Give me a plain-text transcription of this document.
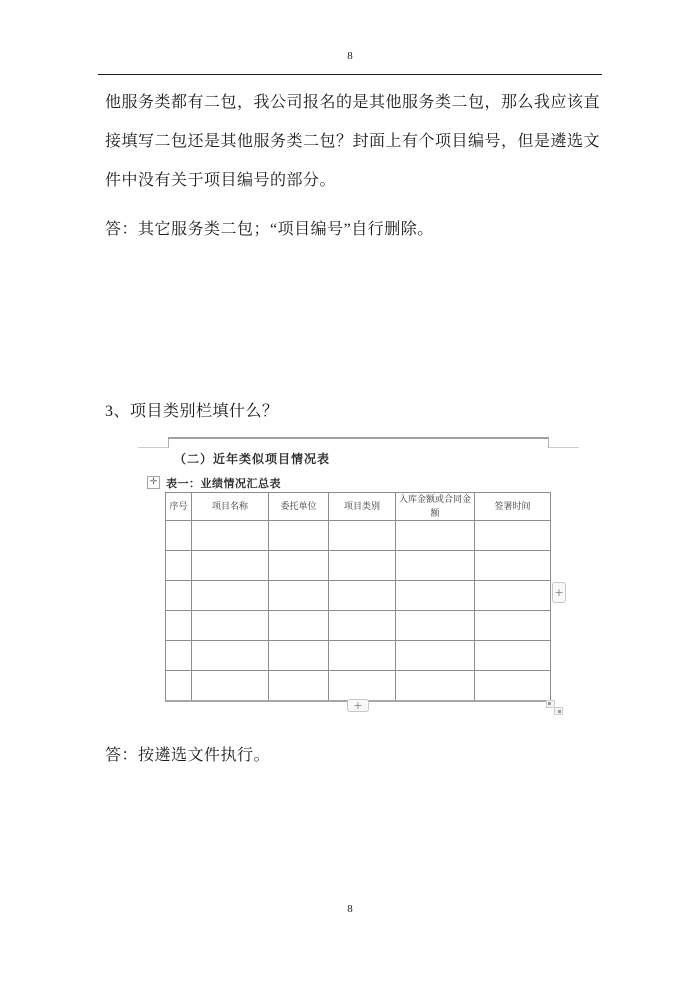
8
他服务类都有二包，我公司报名的是其他服务类二包，那么我应该直
接填写二包还是其他服务类二包？封面上有个项目编号，但是遴选文
件中没有关于项目编号的部分。
答：其它服务类二包；“项目编号”自行删除。
3、项目类别栏填什么？
（二）近年类似项目情况表
✛ 表一：业绩情况汇总表
序号	项目名称	委托单位	项目类别	入库金额或合同金额	签署时间

+
+
答：按遴选文件执行。
8
